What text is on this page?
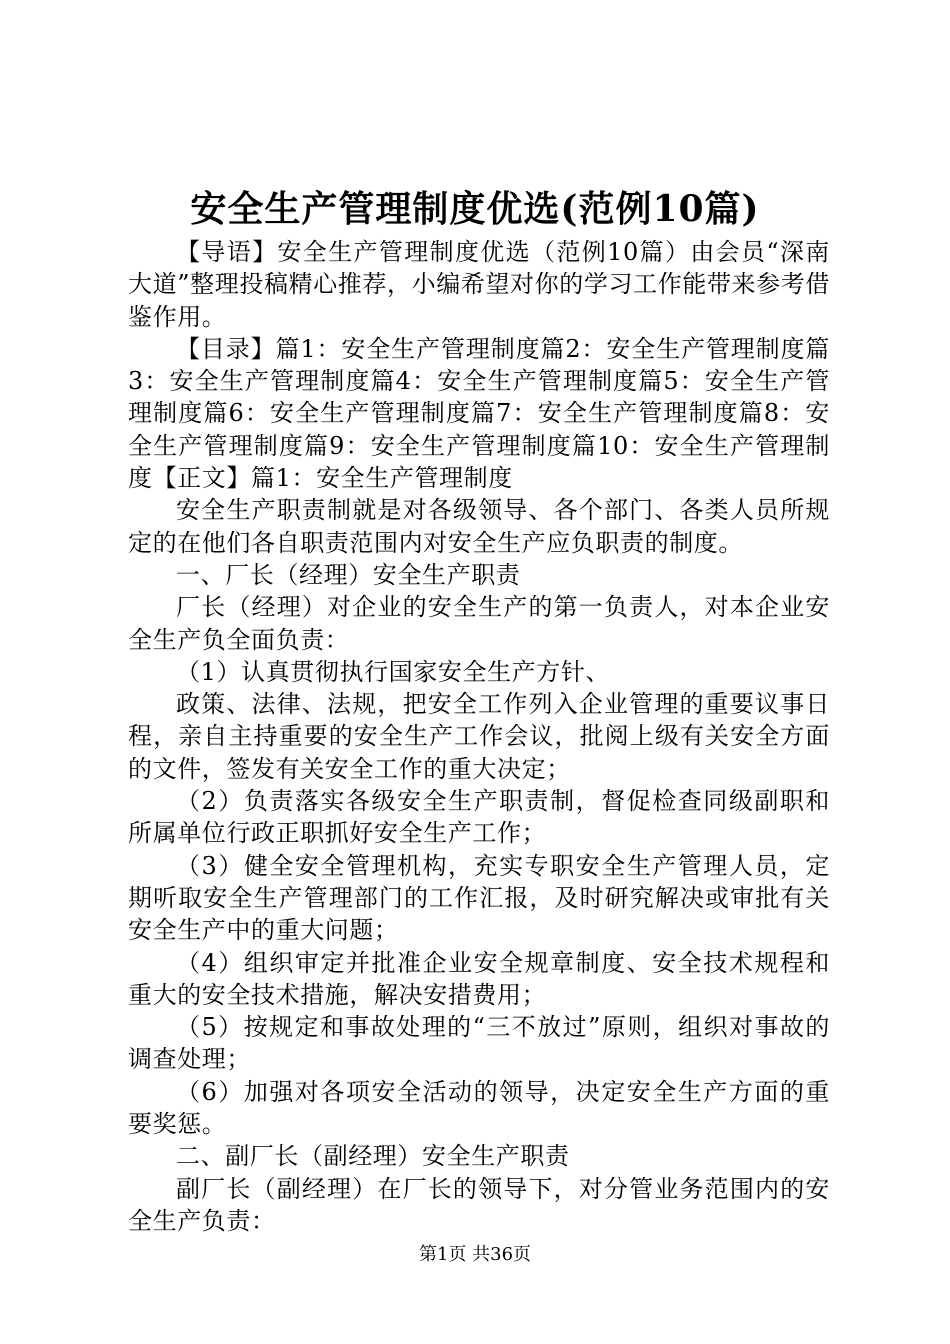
安全生产管理制度优选(范例10篇)

【导语】安全生产管理制度优选（范例10篇）由会员“深南大道”整理投稿精心推荐，小编希望对你的学习工作能带来参考借鉴作用。

【目录】篇1：安全生产管理制度篇2：安全生产管理制度篇3：安全生产管理制度篇4：安全生产管理制度篇5：安全生产管理制度篇6：安全生产管理制度篇7：安全生产管理制度篇8：安全生产管理制度篇9：安全生产管理制度篇10：安全生产管理制度【正文】篇1：安全生产管理制度

安全生产职责制就是对各级领导、各个部门、各类人员所规定的在他们各自职责范围内对安全生产应负职责的制度。

一、厂长（经理）安全生产职责

厂长（经理）对企业的安全生产的第一负责人，对本企业安全生产负全面负责：

（1）认真贯彻执行国家安全生产方针、

政策、法律、法规，把安全工作列入企业管理的重要议事日程，亲自主持重要的安全生产工作会议，批阅上级有关安全方面的文件，签发有关安全工作的重大决定；

（2）负责落实各级安全生产职责制，督促检查同级副职和所属单位行政正职抓好安全生产工作；

（3）健全安全管理机构，充实专职安全生产管理人员，定期听取安全生产管理部门的工作汇报，及时研究解决或审批有关安全生产中的重大问题；

（4）组织审定并批准企业安全规章制度、安全技术规程和重大的安全技术措施，解决安措费用；

（5）按规定和事故处理的“三不放过”原则，组织对事故的调查处理；

（6）加强对各项安全活动的领导，决定安全生产方面的重要奖惩。

二、副厂长（副经理）安全生产职责

副厂长（副经理）在厂长的领导下，对分管业务范围内的安全生产负责：

第1页 共36页
